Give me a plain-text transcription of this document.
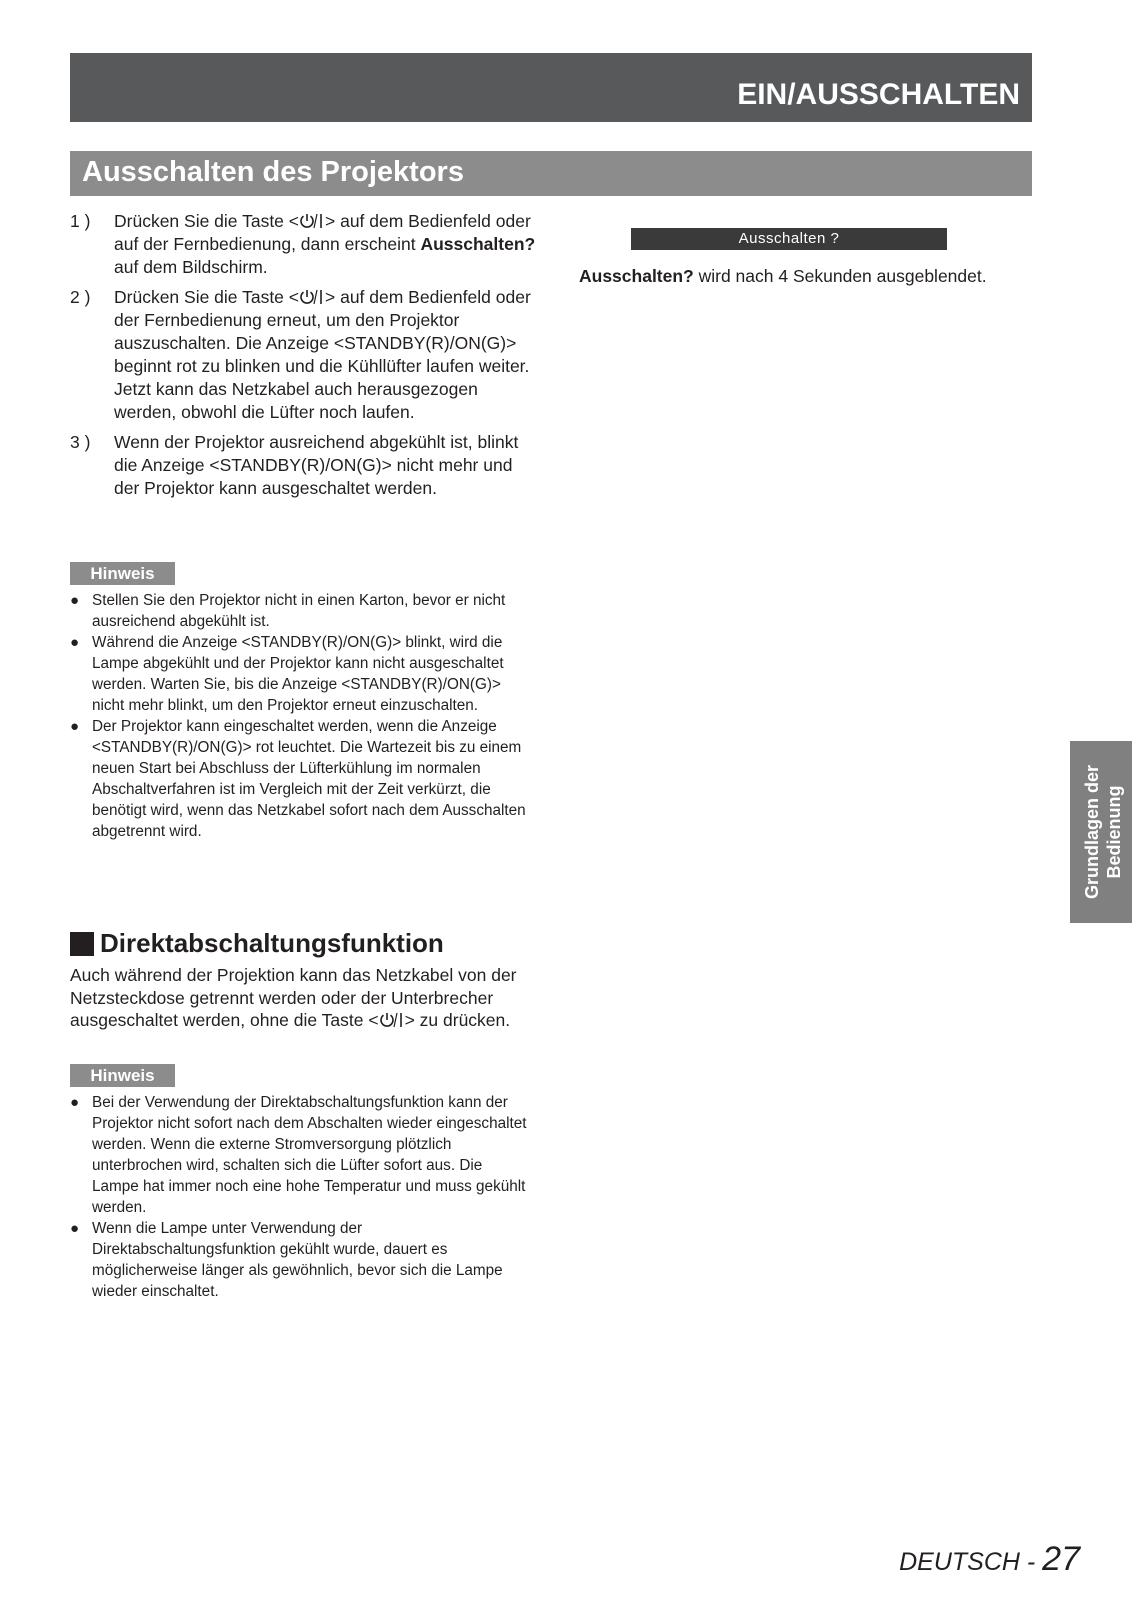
EIN/AUSSCHALTEN
Ausschalten des Projektors
1 )	Drücken Sie die Taste < > auf dem Bedienfeld oder auf der Fernbedienung, dann erscheint Ausschalten? auf dem Bildschirm.
2 )	Drücken Sie die Taste < > auf dem Bedienfeld oder der Fernbedienung erneut, um den Projektor auszuschalten. Die Anzeige <STANDBY(R)/ON(G)> beginnt rot zu blinken und die Kühllüfter laufen weiter. Jetzt kann das Netzkabel auch herausgezogen werden, obwohl die Lüfter noch laufen.
3 )	Wenn der Projektor ausreichend abgekühlt ist, blinkt die Anzeige <STANDBY(R)/ON(G)> nicht mehr und der Projektor kann ausgeschaltet werden.
Hinweis
● Stellen Sie den Projektor nicht in einen Karton, bevor er nicht ausreichend abgekühlt ist.
● Während die Anzeige <STANDBY(R)/ON(G)> blinkt, wird die Lampe abgekühlt und der Projektor kann nicht ausgeschaltet werden. Warten Sie, bis die Anzeige <STANDBY(R)/ON(G)> nicht mehr blinkt, um den Projektor erneut einzuschalten.
● Der Projektor kann eingeschaltet werden, wenn die Anzeige <STANDBY(R)/ON(G)> rot leuchtet. Die Wartezeit bis zu einem neuen Start bei Abschluss der Lüfterkühlung im normalen Abschaltverfahren ist im Vergleich mit der Zeit verkürzt, die benötigt wird, wenn das Netzkabel sofort nach dem Ausschalten abgetrennt wird.
Direktabschaltungsfunktion

Auch während der Projektion kann das Netzkabel von der Netzsteckdose getrennt werden oder der Unterbrecher ausgeschaltet werden, ohne die Taste < > zu drücken.

Hinweis
● Bei der Verwendung der Direktabschaltungsfunktion kann der Projektor nicht sofort nach dem Abschalten wieder eingeschaltet werden. Wenn die externe Stromversorgung plötzlich unterbrochen wird, schalten sich die Lüfter sofort aus. Die Lampe hat immer noch eine hohe Temperatur und muss gekühlt werden.
● Wenn die Lampe unter Verwendung der Direktabschaltungsfunktion gekühlt wurde, dauert es möglicherweise länger als gewöhnlich, bevor sich die Lampe wieder einschaltet.
Ausschalten ?
Ausschalten? wird nach 4 Sekunden ausgeblendet.
Grundlagen der Bedienung
DEUTSCH - 27
